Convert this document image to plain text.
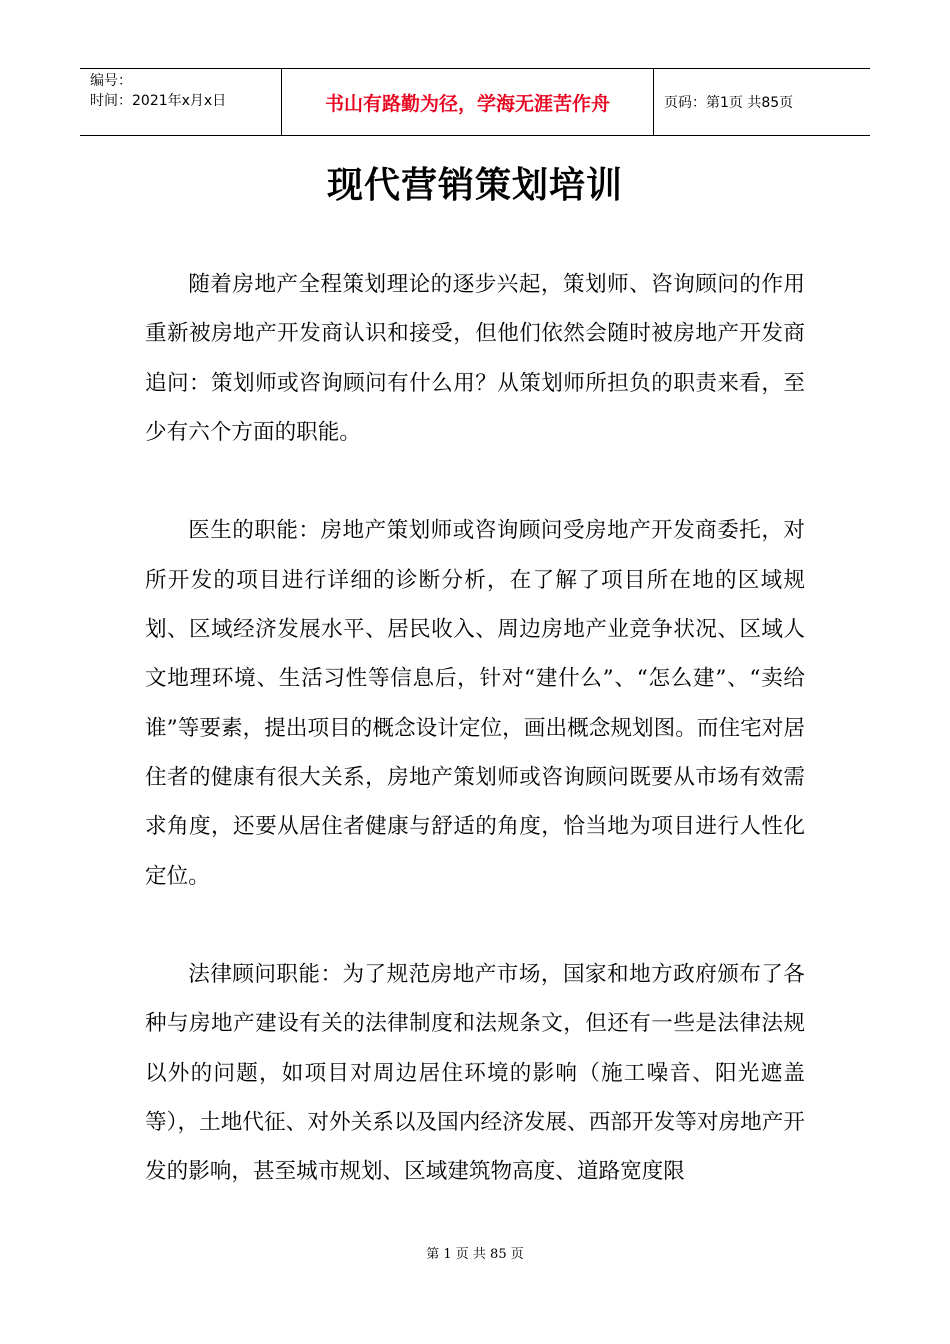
编号：
时间：2021年x月x日	书山有路勤为径，学海无涯苦作舟	页码：第1页 共85页
现代营销策划培训

随着房地产全程策划理论的逐步兴起，策划师、咨询顾问的作用重新被房地产开发商认识和接受，但他们依然会随时被房地产开发商追问：策划师或咨询顾问有什么用？从策划师所担负的职责来看，至少有六个方面的职能。

医生的职能：房地产策划师或咨询顾问受房地产开发商委托，对所开发的项目进行详细的诊断分析，在了解了项目所在地的区域规划、区域经济发展水平、居民收入、周边房地产业竞争状况、区域人文地理环境、生活习性等信息后，针对“建什么”、“怎么建”、“卖给谁”等要素，提出项目的概念设计定位，画出概念规划图。而住宅对居住者的健康有很大关系，房地产策划师或咨询顾问既要从市场有效需求角度，还要从居住者健康与舒适的角度，恰当地为项目进行人性化定位。

法律顾问职能：为了规范房地产市场，国家和地方政府颁布了各种与房地产建设有关的法律制度和法规条文，但还有一些是法律法规以外的问题，如项目对周边居住环境的影响（施工噪音、阳光遮盖等），土地代征、对外关系以及国内经济发展、西部开发等对房地产开发的影响，甚至城市规划、区域建筑物高度、道路宽度限

第 1 页 共 85 页
